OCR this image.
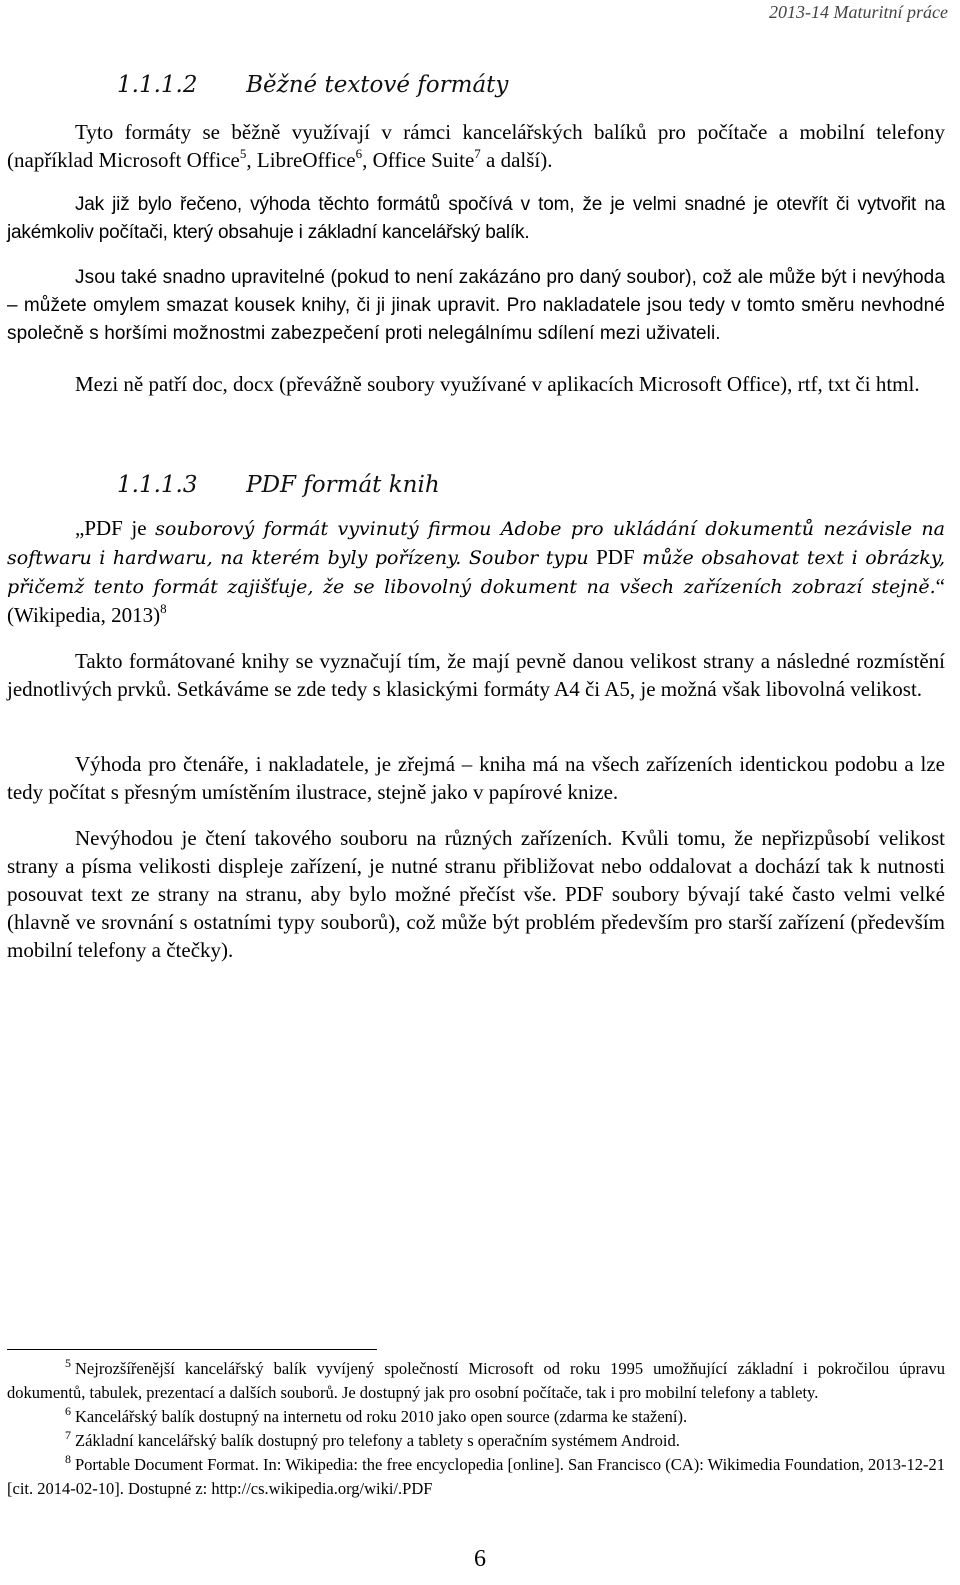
2013-14 Maturitní práce
1.1.1.2 Běžné textové formáty

Tyto formáty se běžně využívají v rámci kancelářských balíků pro počítače a mobilní telefony (například Microsoft Office$^5$, LibreOffice$^6$, Office Suite$^7$ a další).

Jak již bylo řečeno, výhoda těchto formátů spočívá v tom, že je velmi snadné je otevřít či vytvořit na jakémkoliv počítači, který obsahuje i základní kancelářský balík.

Jsou také snadno upravitelné (pokud to není zakázáno pro daný soubor), což ale může být i nevýhoda – můžete omylem smazat kousek knihy, či ji jinak upravit. Pro nakladatele jsou tedy v tomto směru nevhodné společně s horšími možnostmi zabezpečení proti nelegálnímu sdílení mezi uživateli.

Mezi ně patří doc, docx (převážně soubory využívané v aplikacích Microsoft Office), rtf, txt či html.

1.1.1.3 PDF formát knih

„PDF je souborový formát vyvinutý firmou Adobe pro ukládání dokumentů nezávisle na softwaru i hardwaru, na kterém byly pořízeny. Soubor typu PDF může obsahovat text i obrázky, přičemž tento formát zajišťuje, že se libovolný dokument na všech zařízeních zobrazí stejně.“ (Wikipedia, 2013)$^8$

Takto formátované knihy se vyznačují tím, že mají pevně danou velikost strany a následné rozmístění jednotlivých prvků. Setkáváme se zde tedy s klasickými formáty A4 či A5, je možná však libovolná velikost.

Výhoda pro čtenáře, i nakladatele, je zřejmá – kniha má na všech zařízeních identickou podobu a lze tedy počítat s přesným umístěním ilustrace, stejně jako v papírové knize.

Nevýhodou je čtení takového souboru na různých zařízeních. Kvůli tomu, že nepřizpůsobí velikost strany a písma velikosti displeje zařízení, je nutné stranu přibližovat nebo oddalovat a dochází tak k nutnosti posouvat text ze strany na stranu, aby bylo možné přečíst vše. PDF soubory bývají také často velmi velké (hlavně ve srovnání s ostatními typy souborů), což může být problém především pro starší zařízení (především mobilní telefony a čtečky).

$^5$ Nejrozšířenější kancelářský balík vyvíjený společností Microsoft od roku 1995 umožňující základní i pokročilou úpravu dokumentů, tabulek, prezentací a dalších souborů. Je dostupný jak pro osobní počítače, tak i pro mobilní telefony a tablety.

$^6$ Kancelářský balík dostupný na internetu od roku 2010 jako open source (zdarma ke stažení).

$^7$ Základní kancelářský balík dostupný pro telefony a tablety s operačním systémem Android.

$^8$ Portable Document Format. In: Wikipedia: the free encyclopedia [online]. San Francisco (CA): Wikimedia Foundation, 2013-12-21 [cit. 2014-02-10]. Dostupné z: http://cs.wikipedia.org/wiki/.PDF

6
